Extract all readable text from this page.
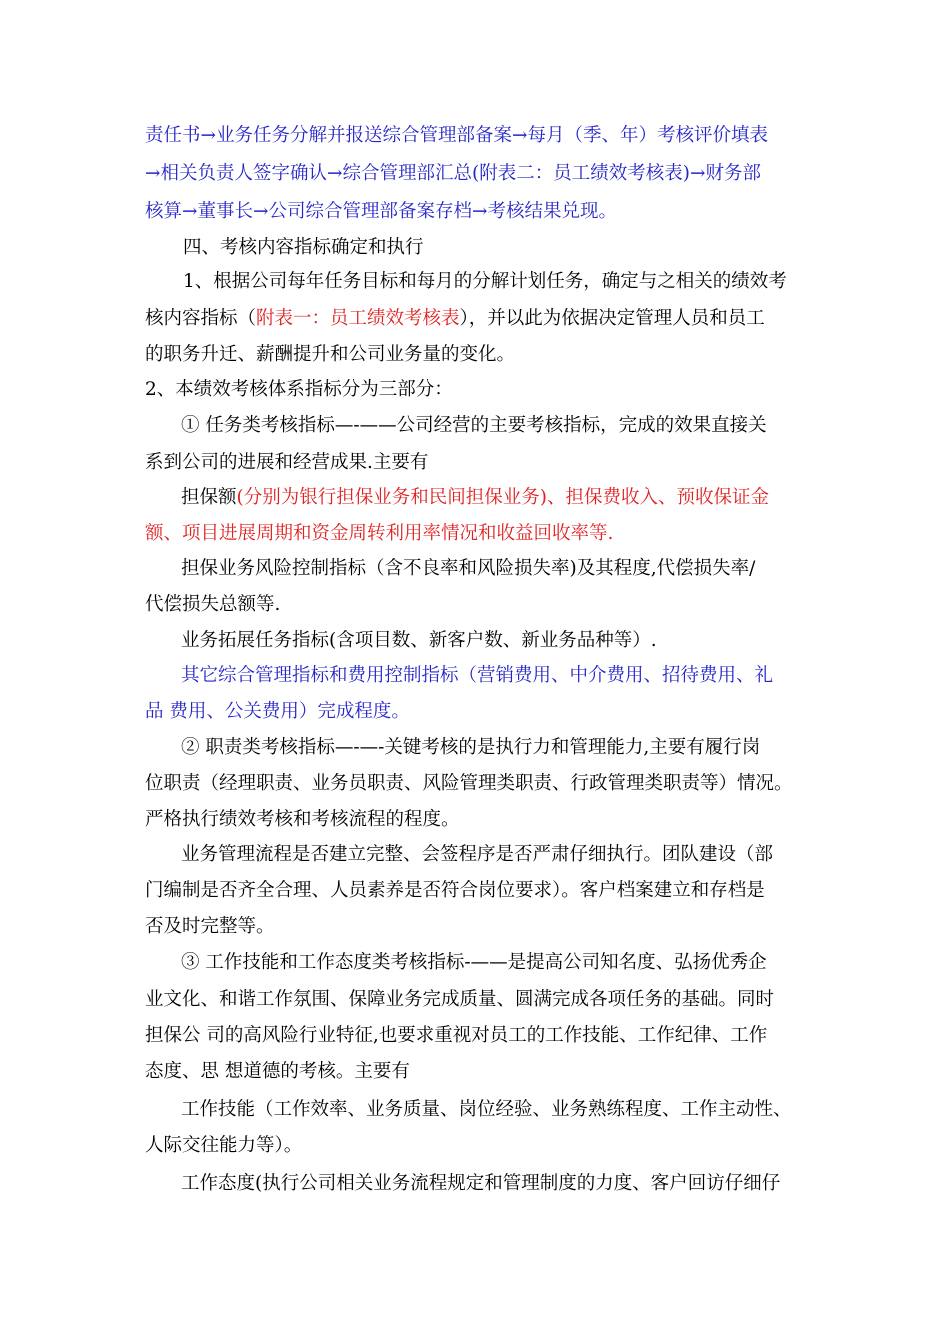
责任书→业务任务分解并报送综合管理部备案→每月（季、年）考核评价填表
→相关负责人签字确认→综合管理部汇总(附表二：员工绩效考核表)→财务部
核算→董事长→公司综合管理部备案存档→考核结果兑现。
四、考核内容指标确定和执行
1、根据公司每年任务目标和每月的分解计划任务，确定与之相关的绩效考
核内容指标（附表一：员工绩效考核表），并以此为依据决定管理人员和员工
的职务升迁、薪酬提升和公司业务量的变化。
2、本绩效考核体系指标分为三部分：
① 任务类考核指标—-——公司经营的主要考核指标，完成的效果直接关
系到公司的进展和经营成果.主要有
担保额(分别为银行担保业务和民间担保业务)、担保费收入、预收保证金
额、项目进展周期和资金周转利用率情况和收益回收率等.
担保业务风险控制指标（含不良率和风险损失率)及其程度,代偿损失率/
代偿损失总额等.
业务拓展任务指标(含项目数、新客户数、新业务品种等）.
其它综合管理指标和费用控制指标（营销费用、中介费用、招待费用、礼
品 费用、公关费用）完成程度。
② 职责类考核指标—-—-关键考核的是执行力和管理能力,主要有履行岗
位职责（经理职责、业务员职责、风险管理类职责、行政管理类职责等）情况。
严格执行绩效考核和考核流程的程度。
业务管理流程是否建立完整、会签程序是否严肃仔细执行。团队建设（部
门编制是否齐全合理、人员素养是否符合岗位要求）。客户档案建立和存档是
否及时完整等。
③ 工作技能和工作态度类考核指标-——是提高公司知名度、弘扬优秀企
业文化、和谐工作氛围、保障业务完成质量、圆满完成各项任务的基础。同时
担保公 司的高风险行业特征,也要求重视对员工的工作技能、工作纪律、工作
态度、思 想道德的考核。主要有
工作技能（工作效率、业务质量、岗位经验、业务熟练程度、工作主动性、
人际交往能力等）。
工作态度(执行公司相关业务流程规定和管理制度的力度、客户回访仔细仔
